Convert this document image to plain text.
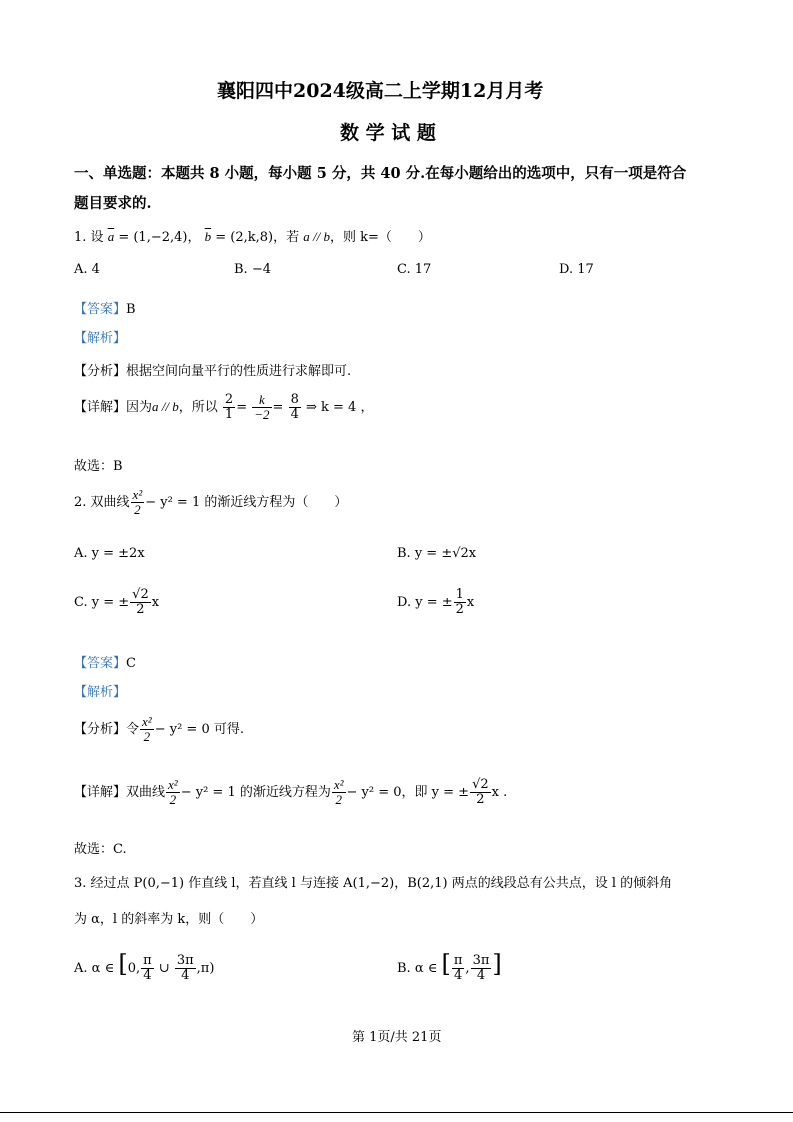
襄阳四中2024级高二上学期12月月考
数 学 试 题
一、单选题：本题共 8 小题，每小题 5 分，共 40 分.在每小题给出的选项中，只有一项是符合
题目要求的.
1. 设 $\overline{a} = (1,-2,4)$， $\overline{b} = (2,k,8)$，若 a // b，则 k=（　　）
A. 4	B. −4	C. 17	D. 17
【答案】B
【解析】
【分析】根据空间向量平行的性质进行求解即可.
【详解】因为a // b，所以 $\frac{2}{1} = \frac{k}{-2} = \frac{8}{4}$ ⇒ k = 4 ，
故选：B
2. 双曲线 $\frac{\text{x²}}{2} - y^2 = 1$ 的渐近线方程为（　　）
A. y = ±2x	B. y = ±√2x
C. y = ± $\frac{√2}{2}$ x	D. y = ± $\frac{1}{2}$ x
【答案】C
【解析】
【分析】令 $\frac{\text{x²}}{2} - y^2 = 0$ 可得.
【详解】双曲线 $\frac{\text{x²}}{2} - y^2 = 1$ 的渐近线方程为 $\frac{\text{x²}}{2} - y^2 = 0$，即 y = ± $\frac{√2}{2}$ x .
故选：C.
3. 经过点 P(0,−1) 作直线 l，若直线 l 与连接 A(1,−2)，B(2,1) 两点的线段总有公共点，设 l 的倾斜角
为 α，l 的斜率为 k，则（　　）
A. α ∈ [0, $\frac{\pi}{4}$ ∪ $\frac{3\pi}{4} ,\pi$)	B. α ∈ [ $\frac{\pi}{4}$ , $\frac{3\pi}{4}$ ]
第 1页/共 21页
